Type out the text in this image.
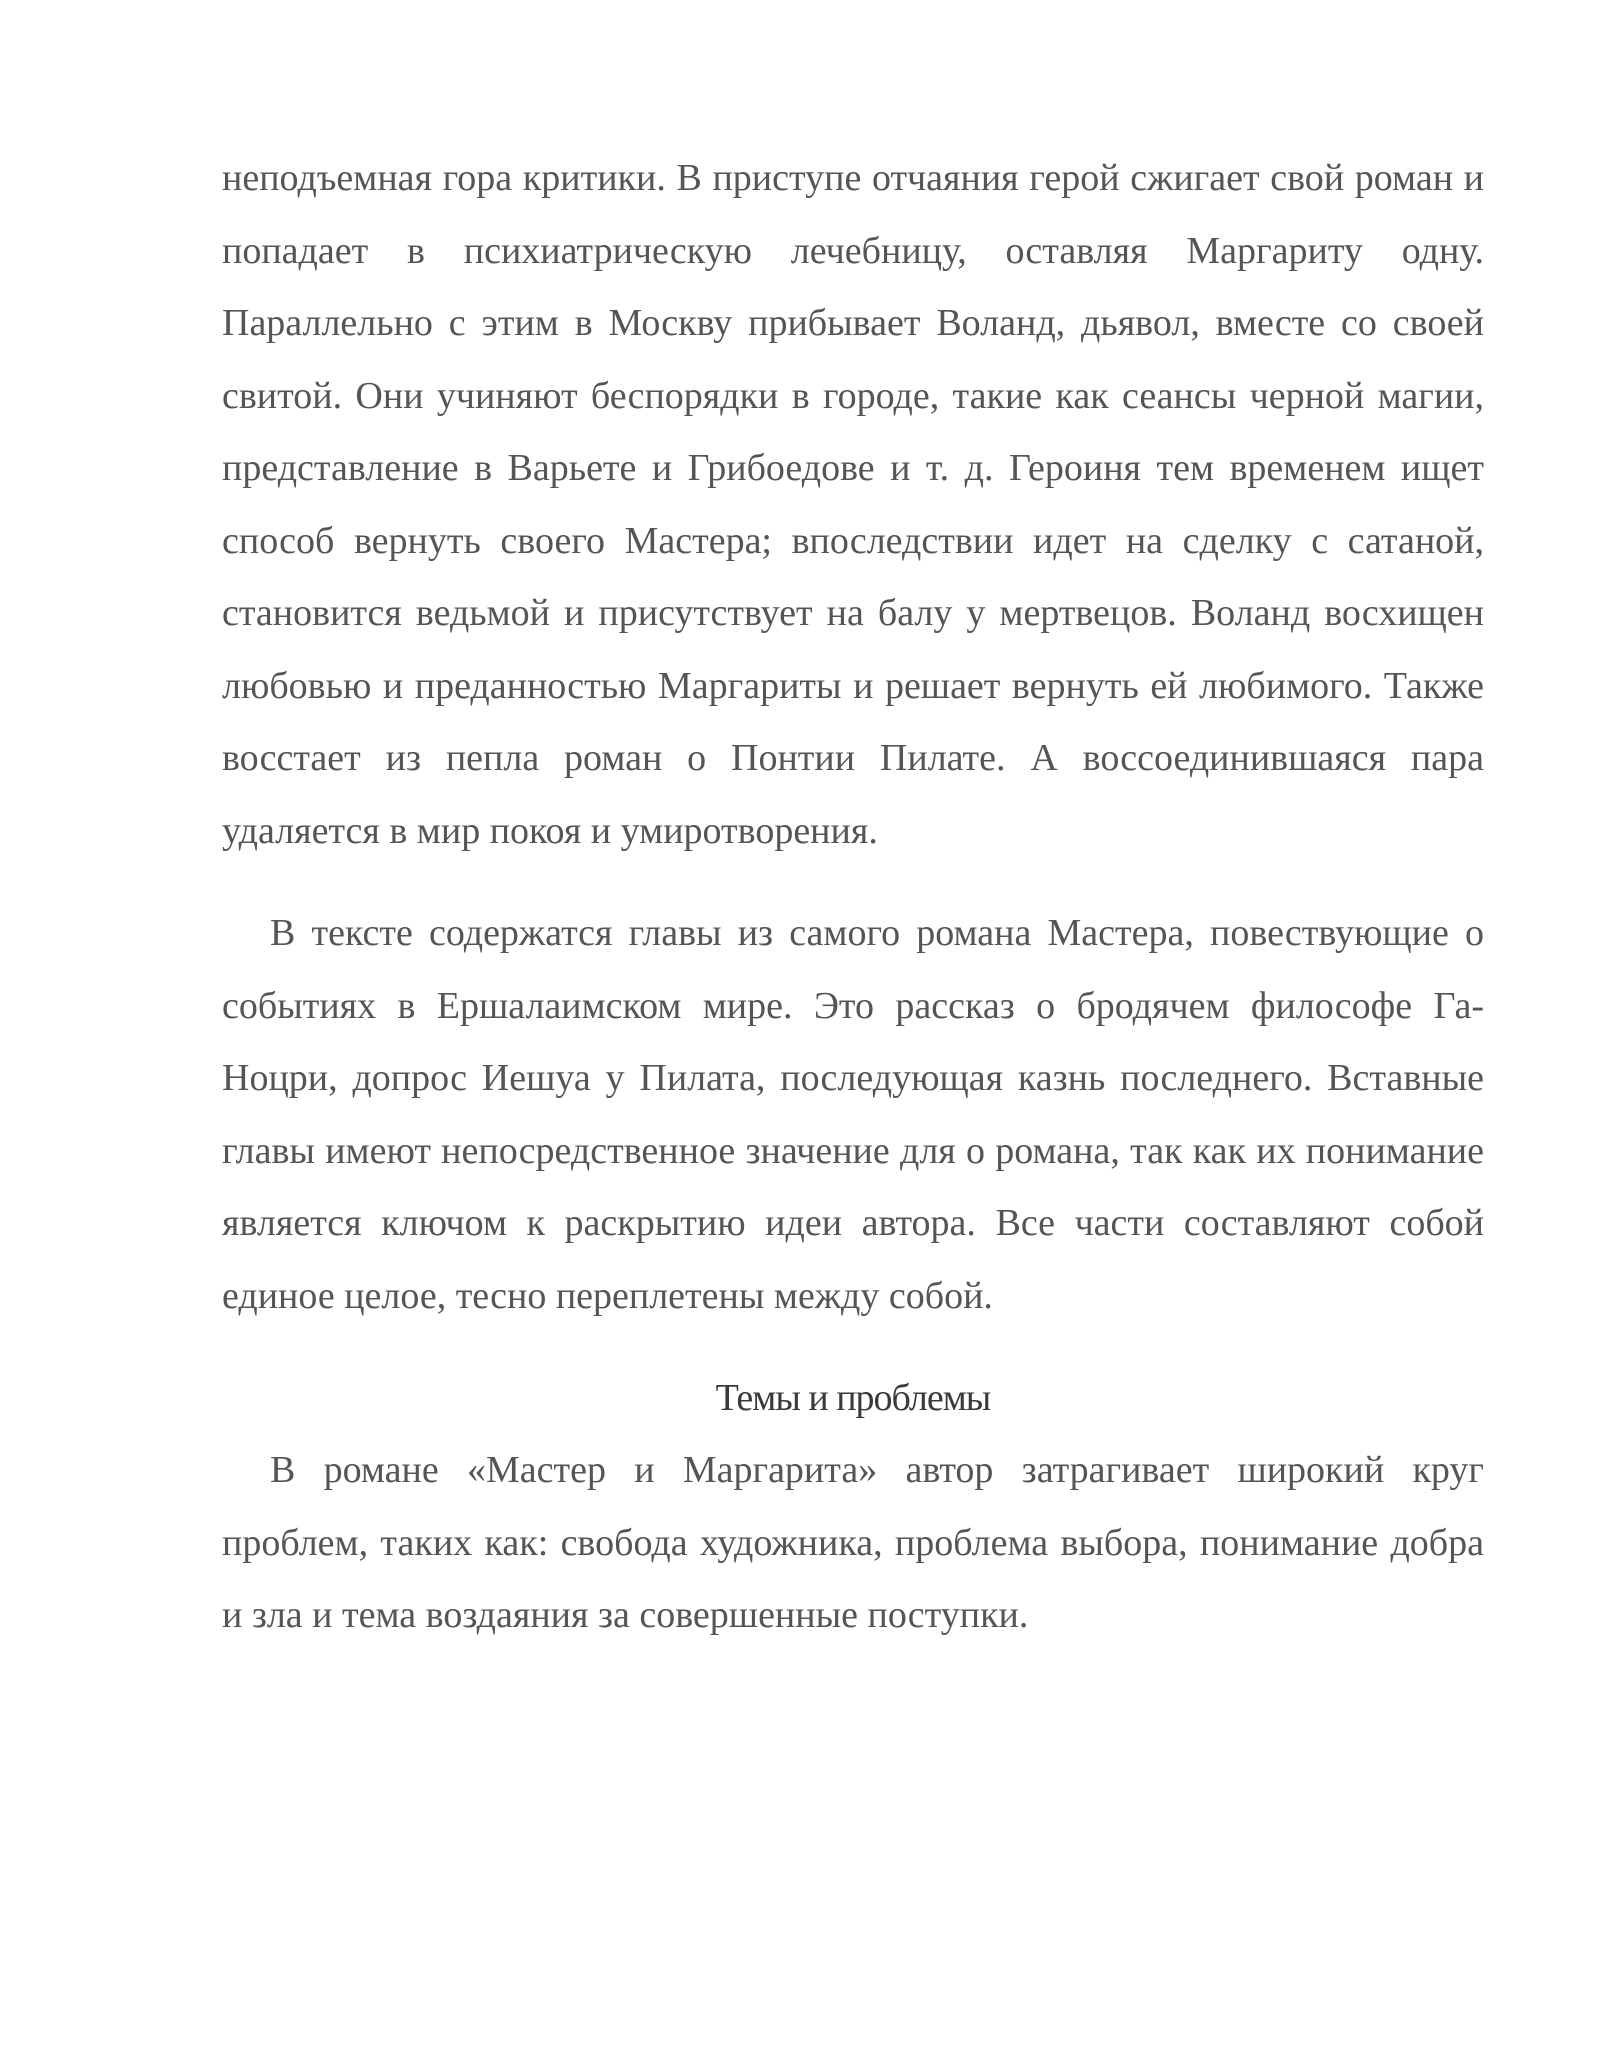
неподъемная гора критики. В приступе отчаяния герой сжигает свой роман и попадает в психиатрическую лечебницу, оставляя Маргариту одну. Параллельно с этим в Москву прибывает Воланд, дьявол, вместе со своей свитой. Они учиняют беспорядки в городе, такие как сеансы черной магии, представление в Варьете и Грибоедове и т. д. Героиня тем временем ищет способ вернуть своего Мастера; впоследствии идет на сделку с сатаной, становится ведьмой и присутствует на балу у мертвецов. Воланд восхищен любовью и преданностью Маргариты и решает вернуть ей любимого. Также восстает из пепла роман о Понтии Пилате. А воссоединившаяся пара удаляется в мир покоя и умиротворения.

В тексте содержатся главы из самого романа Мастера, повествующие о событиях в Ершалаимском мире. Это рассказ о бродячем философе Га-Ноцри, допрос Иешуа у Пилата, последующая казнь последнего. Вставные главы имеют непосредственное значение для о романа, так как их понимание является ключом к раскрытию идеи автора. Все части составляют собой единое целое, тесно переплетены между собой.

Темы и проблемы

В романе «Мастер и Маргарита» автор затрагивает широкий круг проблем, таких как: свобода художника, проблема выбора, понимание добра и зла и тема воздаяния за совершенные поступки.
